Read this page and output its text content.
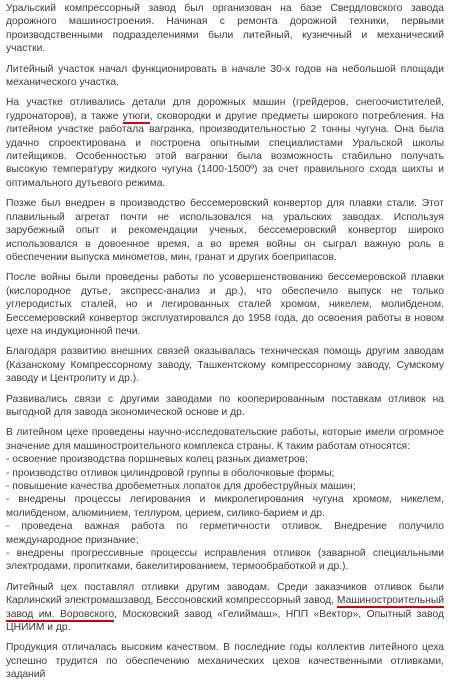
Уральский компрессорный завод был организован на базе Свердловского завода дорожного машиностроения. Начиная с ремонта дорожной техники, первыми производственными подразделениями были литейный, кузнечный и механический участки.

Литейный участок начал функционировать в начале 30-х годов на небольшой площади механического участка.

На участке отливались детали для дорожных машин (грейдеров, снегоочистителей, гудронаторов), а также утюги, сковородки и другие предметы широкого потребления. На литейном участке работала вагранка, производительностью 2 тонны чугуна. Она была удачно спроектирована и построена опытными специалистами Уральской школы литейщиков. Особенностью этой вагранки была возможность стабильно получать высокую температуру жидкого чугуна (1400-1500º) за счет правильного схода шихты и оптимального дутьевого режима.

Позже был внедрен в производство бессемеровский конвертор для плавки стали. Этот плавильный агрегат почти не использовался на уральских заводах. Используя зарубежный опыт и рекомендации ученых, бессемеровский конвертор широко использовался в довоенное время, а во время войны он сыграл важную роль в обеспечении выпуска минометов, мин, гранат и других боеприпасов.

После войны были проведены работы по усовершенствованию бессемеровской плавки (кислородное дутье, экспресс-анализ и др.), что обеспечило выпуск не только углеродистых сталей, но и легированных сталей хромом, никелем, молибденом. Бессемеровский конвертор эксплуатировался до 1958 года, до освоения работы в новом цехе на индукционной печи.

Благодаря развитию внешних связей оказывалась техническая помощь другим заводам (Казанскому Компрессорному заводу, Ташкентскому компрессорному заводу, Сумскому заводу и Центролиту и др.).

Развивались связи с другими заводами по кооперированным поставкам отливок на выгодной для завода экономической основе и др.

В литейном цехе проведены научно-исследовательские работы, которые имели огромное значение для машиностроительного комплекса страны. К таким работам относятся:

- освоение производства поршневых колец разных диаметров;

- производство отливок цилиндровой группы в оболочковые формы;

- повышение качества дробеметных лопаток для дробеструйных машин;

- внедрены процессы легирования и микролегирования чугуна хромом, никелем, молибденом, алюминием, теллуром, церием, силико-барием и др.

- проведена важная работа по герметичности отливок. Внедрение получило международное признание;

- внедрены прогрессивные процессы исправления отливок (заварной специальными электродами, пропитками, бакелитированием, термообработкой и др.).

Литейный цех поставлял отливки другим заводам. Среди заказчиков отливок были Карлинский электромашзавод, Бессоновский компрессорный завод, Машиностроительный завод им. Воровского, Московский завод «Гелиймаш», НПП «Вектор», Опытный завод ЦНИИМ и др.

Продукция отличалась высоким качеством. В последние годы коллектив литейного цеха успешно трудится по обеспечению механических цехов качественными отливками, заданий
